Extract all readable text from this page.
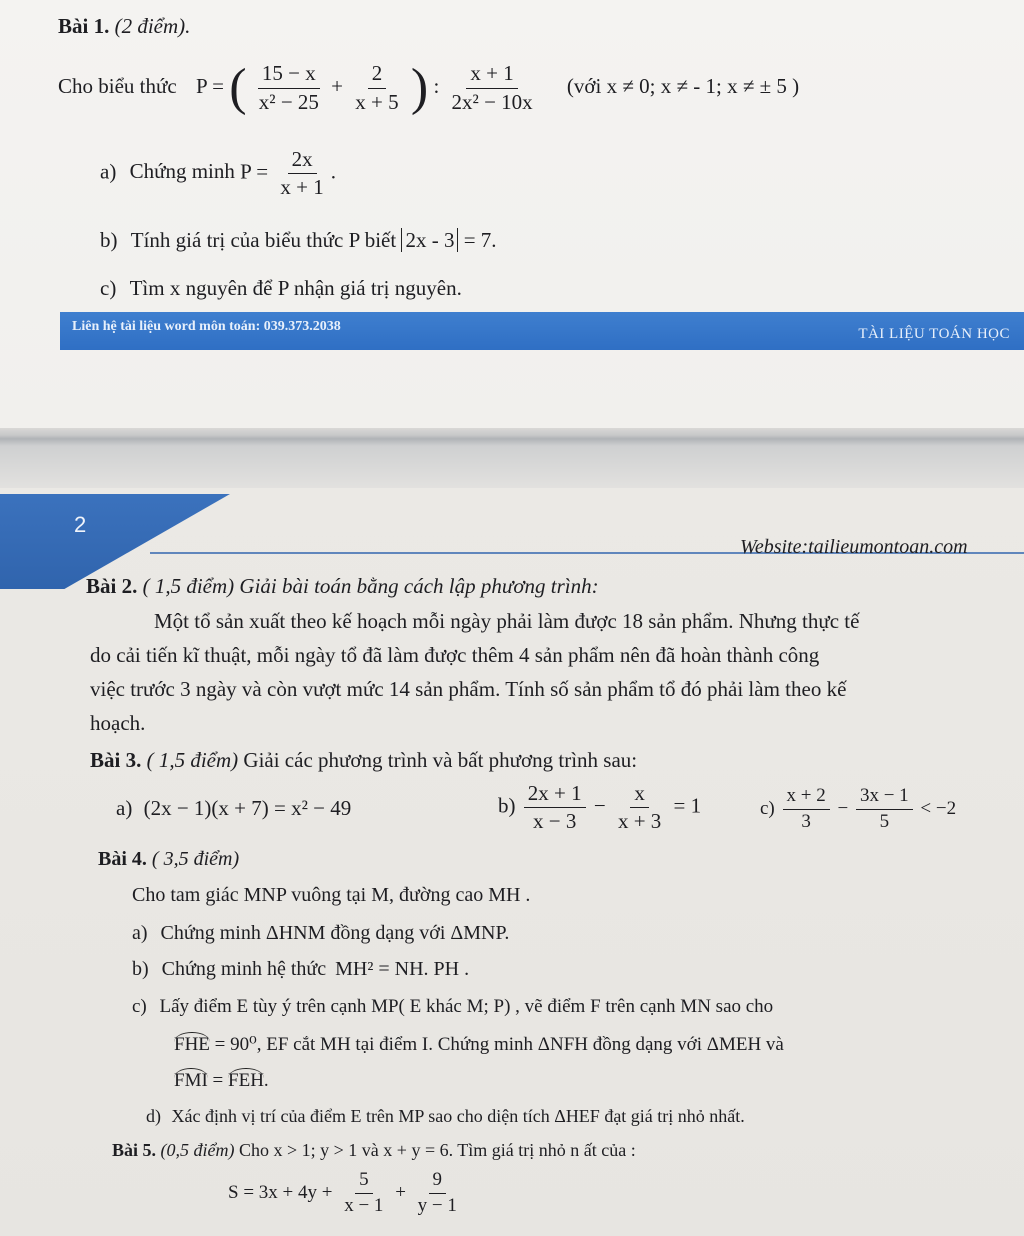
Bài 1. (2 điểm).
Cho biểu thức P = ( $\frac{15 - x}{\text{x² − 25}} + \frac{2}{x + 5}$ ) : $\frac{x + 1}{\text{2x² − 10x}}$ (với x ≠ 0; x ≠ - 1; x ≠ ± 5 )
a) Chứng minh $P = \frac{2x}{x + 1}$ .
b) Tính giá trị của biểu thức P biết 2x - 3 = 7.
c) Tìm x nguyên để P nhận giá trị nguyên.
Liên hệ tài liệu word môn toán: 039.373.2038	TÀI LIỆU TOÁN HỌC
2
Website:tailieumontoan.com
Bài 2. ( 1,5 điểm) Giải bài toán bằng cách lập phương trình:
Một tổ sản xuất theo kế hoạch mỗi ngày phải làm được 18 sản phẩm. Nhưng thực tế
do cải tiến kĩ thuật, mỗi ngày tổ đã làm được thêm 4 sản phẩm nên đã hoàn thành công
việc trước 3 ngày và còn vượt mức 14 sản phẩm. Tính số sản phẩm tổ đó phải làm theo kế
hoạch.
Bài 3. ( 1,5 điểm) Giải các phương trình và bất phương trình sau:
a) (2x − 1)(x + 7) = x² − 49	$b) \frac{2x + 1}{x - 3} - \frac{x}{x + 3} = 1$	$c) \frac{x + 2}{3} - \frac{3x - 1}{5} < -2$
Bài 4. ( 3,5 điểm)
Cho tam giác MNP vuông tại M, đường cao MH .
a) Chứng minh ΔHNM đồng dạng với ΔMNP.
b) Chứng minh hệ thức MH² = NH. PH .
c) Lấy điểm E tùy ý trên cạnh MP( E khác M; P) , vẽ điểm F trên cạnh MN sao cho
FHE = 90⁰, EF cắt MH tại điểm I. Chứng minh ΔNFH đồng dạng với ΔMEH và
FMI = FEH.
d) Xác định vị trí của điểm E trên MP sao cho diện tích ΔHEF đạt giá trị nhỏ nhất.
Bài 5. (0,5 điểm) Cho x > 1; y > 1 và x + y = 6. Tìm giá trị nhỏ n ất của :
$S = 3x + 4y + \frac{5}{x - 1} + \frac{9}{y - 1}$
